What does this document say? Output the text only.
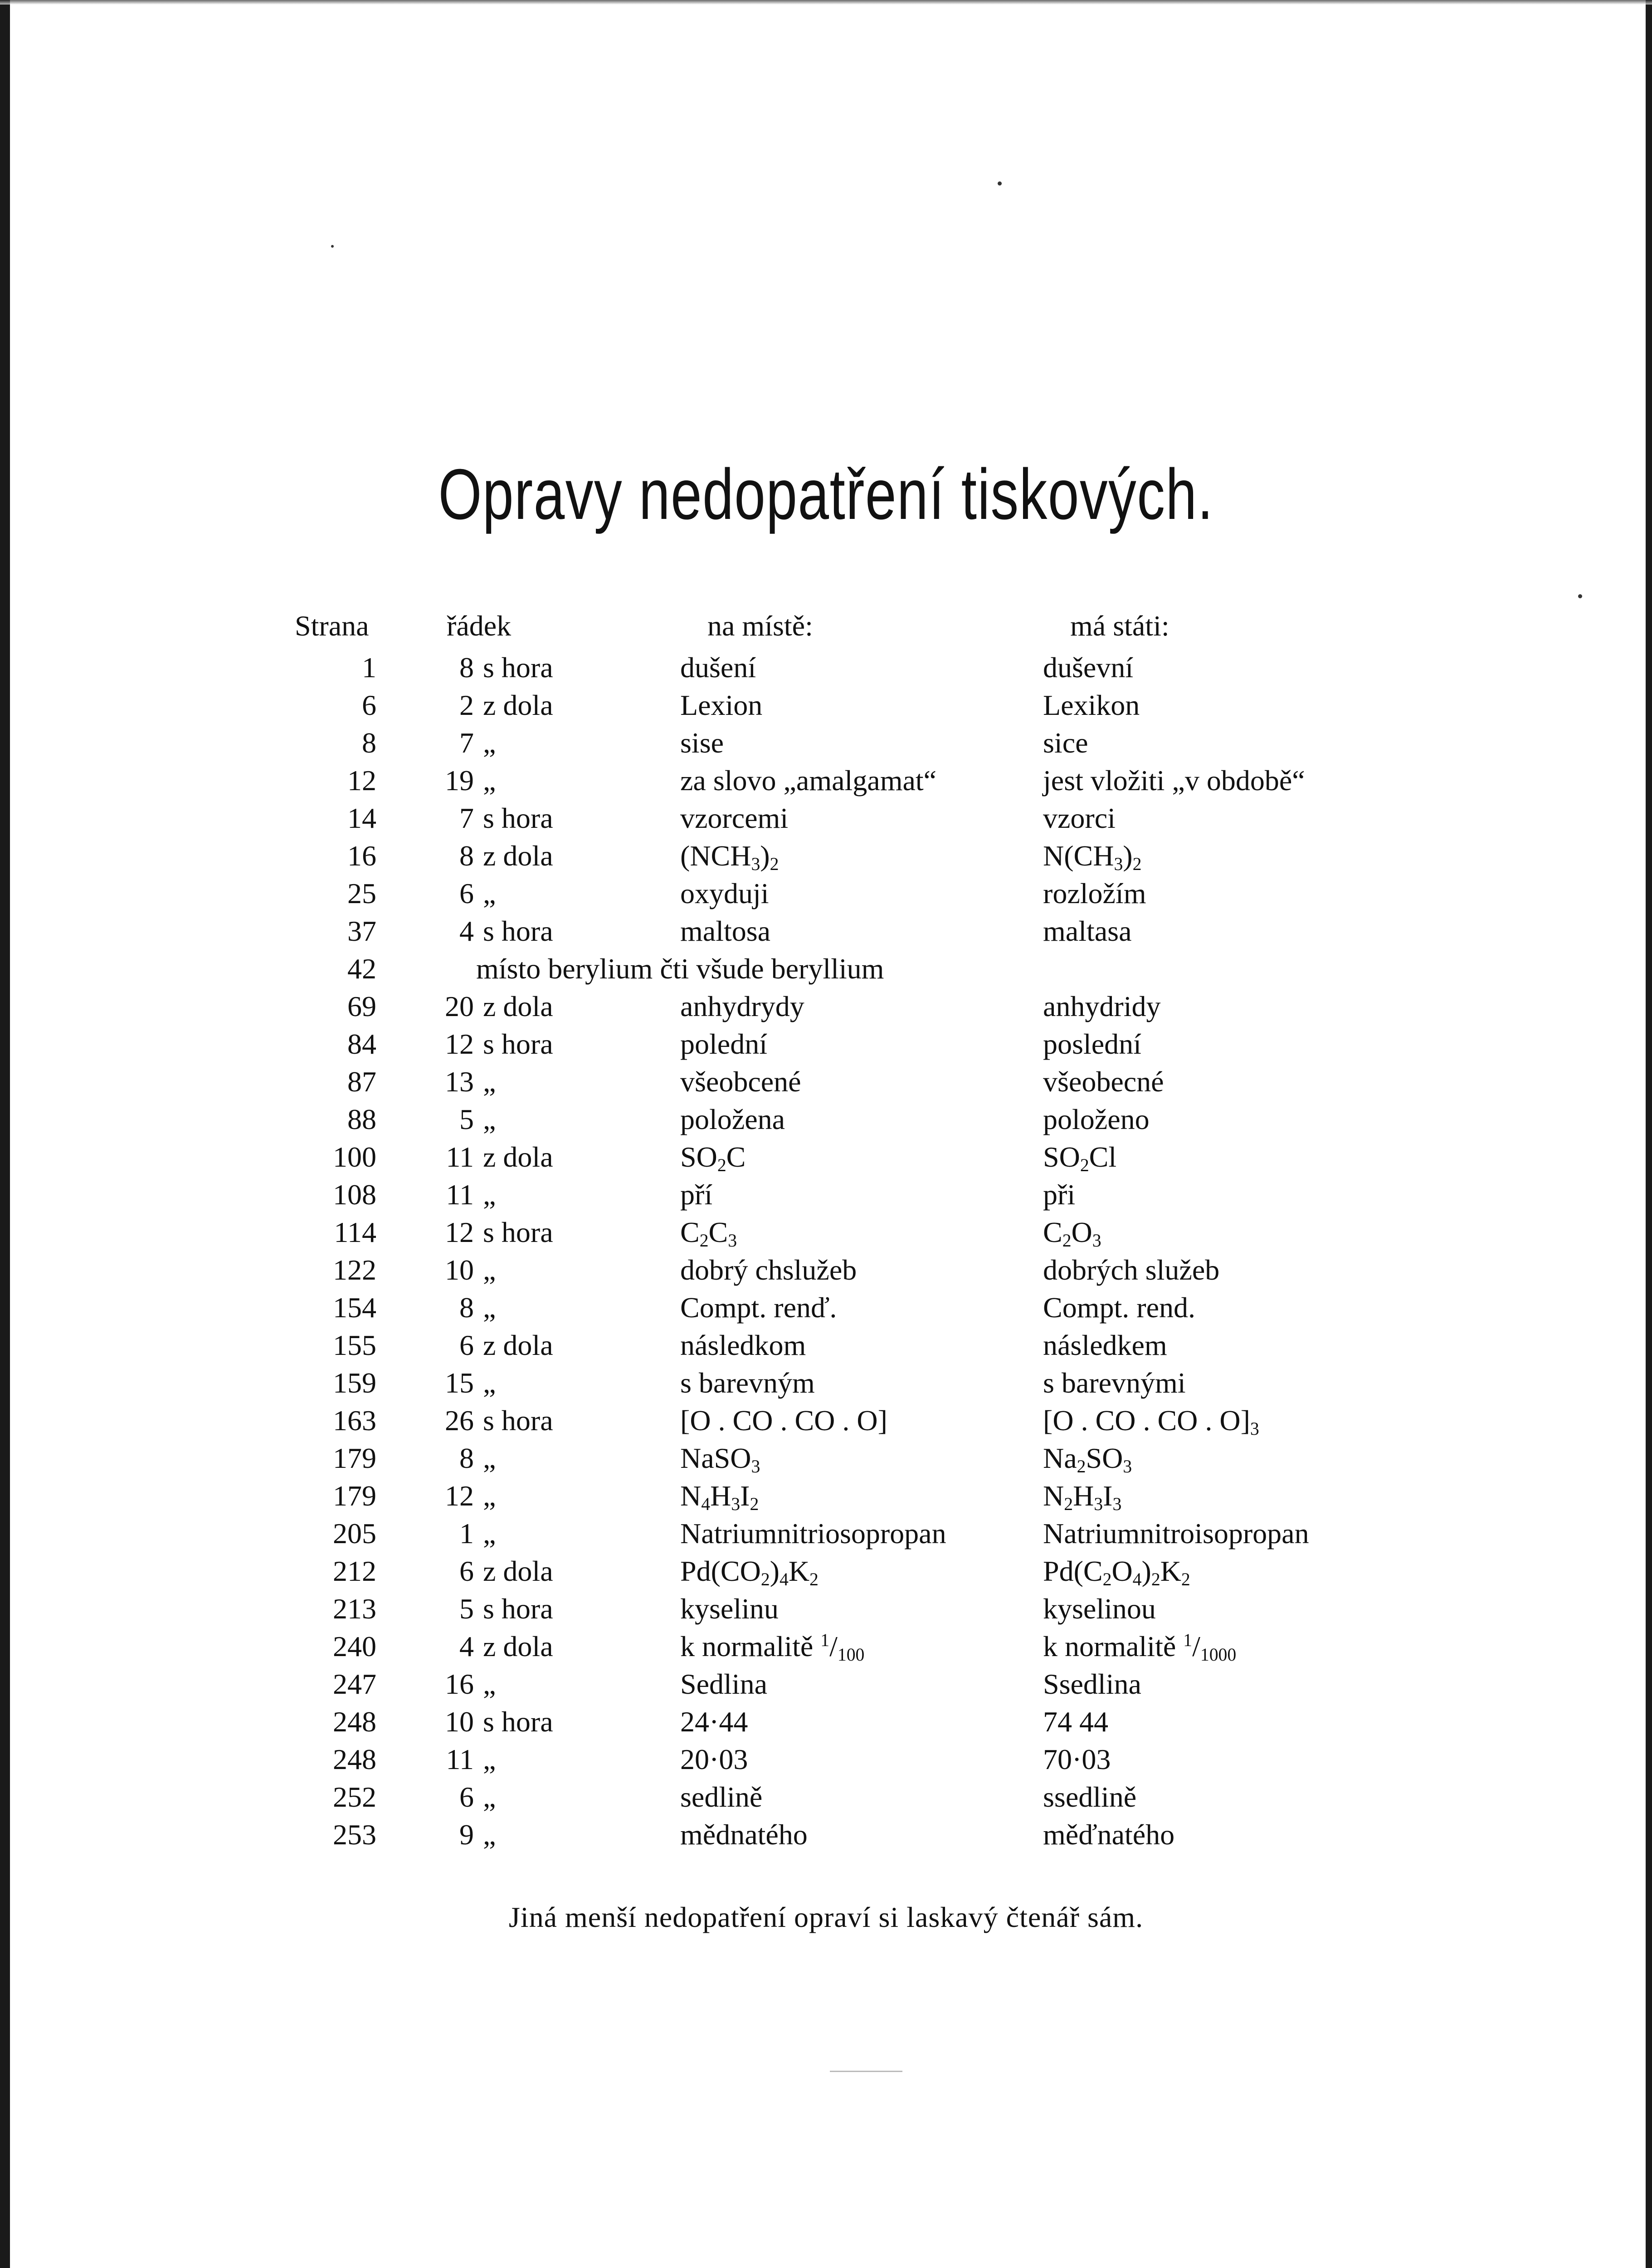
Opravy nedopatření tiskových.
Strana	řádek	na místě:	má státi:
1	8 s hora	dušení	duševní
6	2 z dola	Lexion	Lexikon
8	7 „	sise	sice
12	19 „	za slovo „amalgamat“	jest vložiti „v obdobě“
14	7 s hora	vzorcemi	vzorci
16	8 z dola	$(NCH_3)_2$	$N(CH_3)_2$
25	6 „	oxyduji	rozložím
37	4 s hora	maltosa	maltasa
42	místo berylium čti všude beryllium
69	20 z dola	anhydrydy	anhydridy
84	12 s hora	polední	poslední
87	13 „	všeobcené	všeobecné
88	5 „	položena	položeno
100	11 z dola	$SO_2C$	$SO_2Cl$
108	11 „	pří	při
114	12 s hora	$C_2C_3$	$C_2O_3$
122	10 „	dobrý chslužeb	dobrých služeb
154	8 „	Compt. renď.	Compt. rend.
155	6 z dola	následkom	následkem
159	15 „	s barevným	s barevnými
163	26 s hora	[O . CO . CO . O]	[O . CO . CO . $O]_3$
179	8 „	NaSO$_3$	$Na_2SO_3$
179	12 „	$N_4H_3I_2$	$N_2H_3I_3$
205	1 „	Natriumnitriosopropan	Natriumnitroisopropan
212	6 z dola	$Pd(CO_2)_4K_2$	$Pd(C_2O_4)_2K_2$
213	5 s hora	kyselinu	kyselinou
240	4 z dola	k normalitě $^1/_{100}$	k normalitě $^1/_{1000}$
247	16 „	Sedlina	Ssedlina
248	10 s hora	24·44	74 44
248	11 „	20·03	70·03
252	6 „	sedlině	ssedlině
253	9 „	mědnatého	měďnatého
Jiná menší nedopatření opraví si laskavý čtenář sám.
